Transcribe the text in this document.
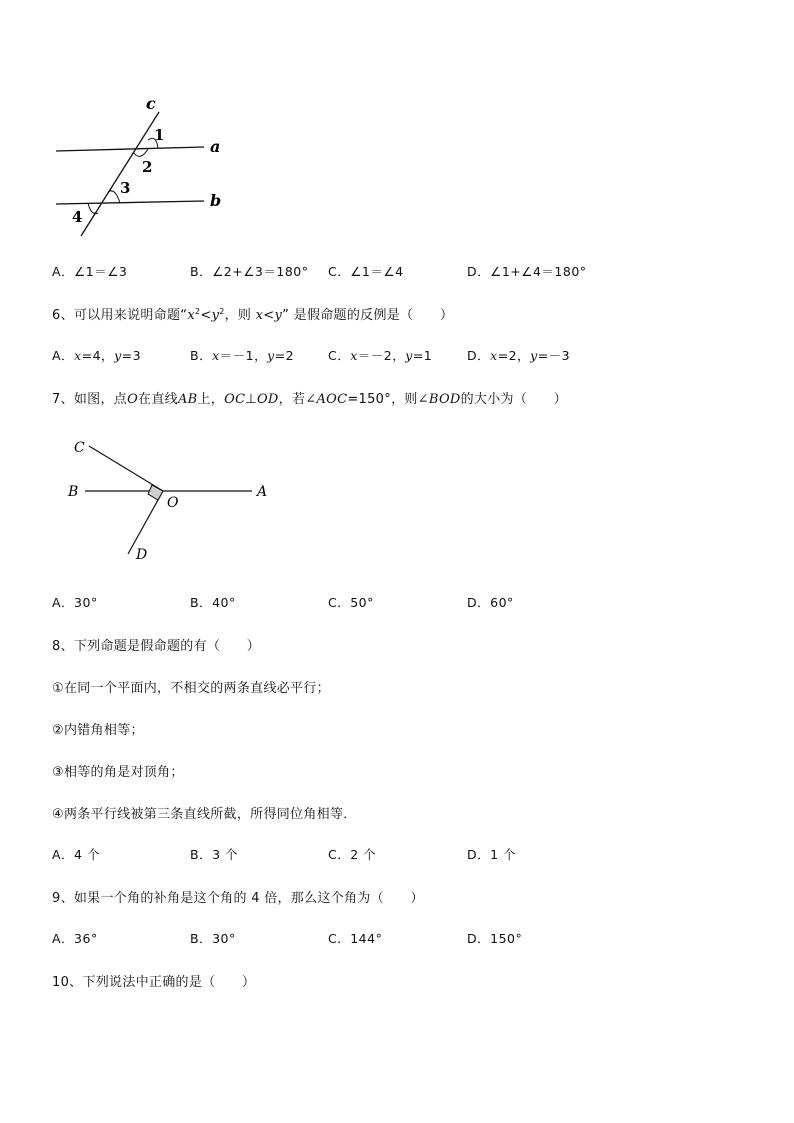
c
a
b
1
2
3
4
A．∠1＝∠3	B．∠2+∠3＝180° C．∠1＝∠4	D．∠1+∠4＝180°
6、可以用来说明命题“$x^2<y^2$，则 x<y” 是假命题的反例是（　　）
A．x=4，y=3	B．x＝－1，y=2	C．x＝－2，y=1	D．x=2，y=－3
7、如图，点O在直线AB上，OC⊥OD，若∠AOC=150°，则∠BOD的大小为（　　）
C
B
O
A
D
A．30°	B．40°	C．50°	D．60°
8、下列命题是假命题的有（　　）
①在同一个平面内，不相交的两条直线必平行；
②内错角相等；
③相等的角是对顶角；
④两条平行线被第三条直线所截，所得同位角相等．
A．4 个	B．3 个	C．2 个	D．1 个
9、如果一个角的补角是这个角的 4 倍，那么这个角为（　　）
A．36°	B．30°	C．144°	D．150°
10、下列说法中正确的是（　　）
